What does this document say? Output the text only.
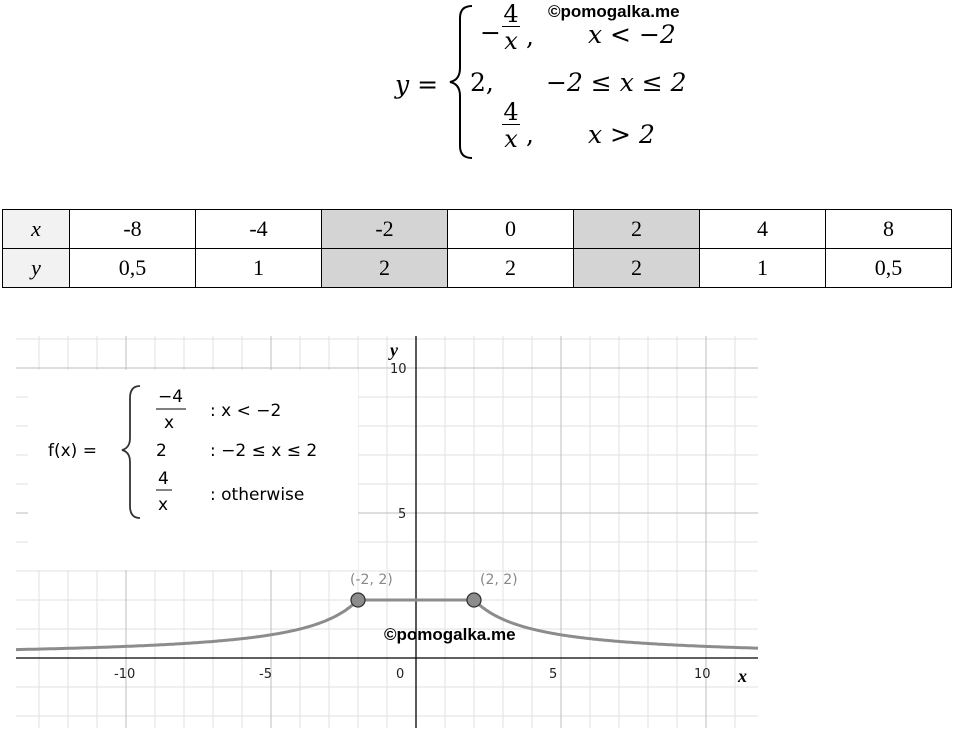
y =
− $\frac{4}{x}$ , x < −2
2, −2 ≤ x ≤ 2
$\frac{4}{x}$ , x > 2
©pomogalka.me
x	-8	-4	-2	0	2	4	8
y	0,5	1	2	2	2	1	0,5
x
y
-10	-5	0	5	10
5
10
f(x) =
−4
x
: x < −2
2	: −2 ≤ x ≤ 2
4
x : otherwise
(-2, 2)	(2, 2)
©pomogalka.me
